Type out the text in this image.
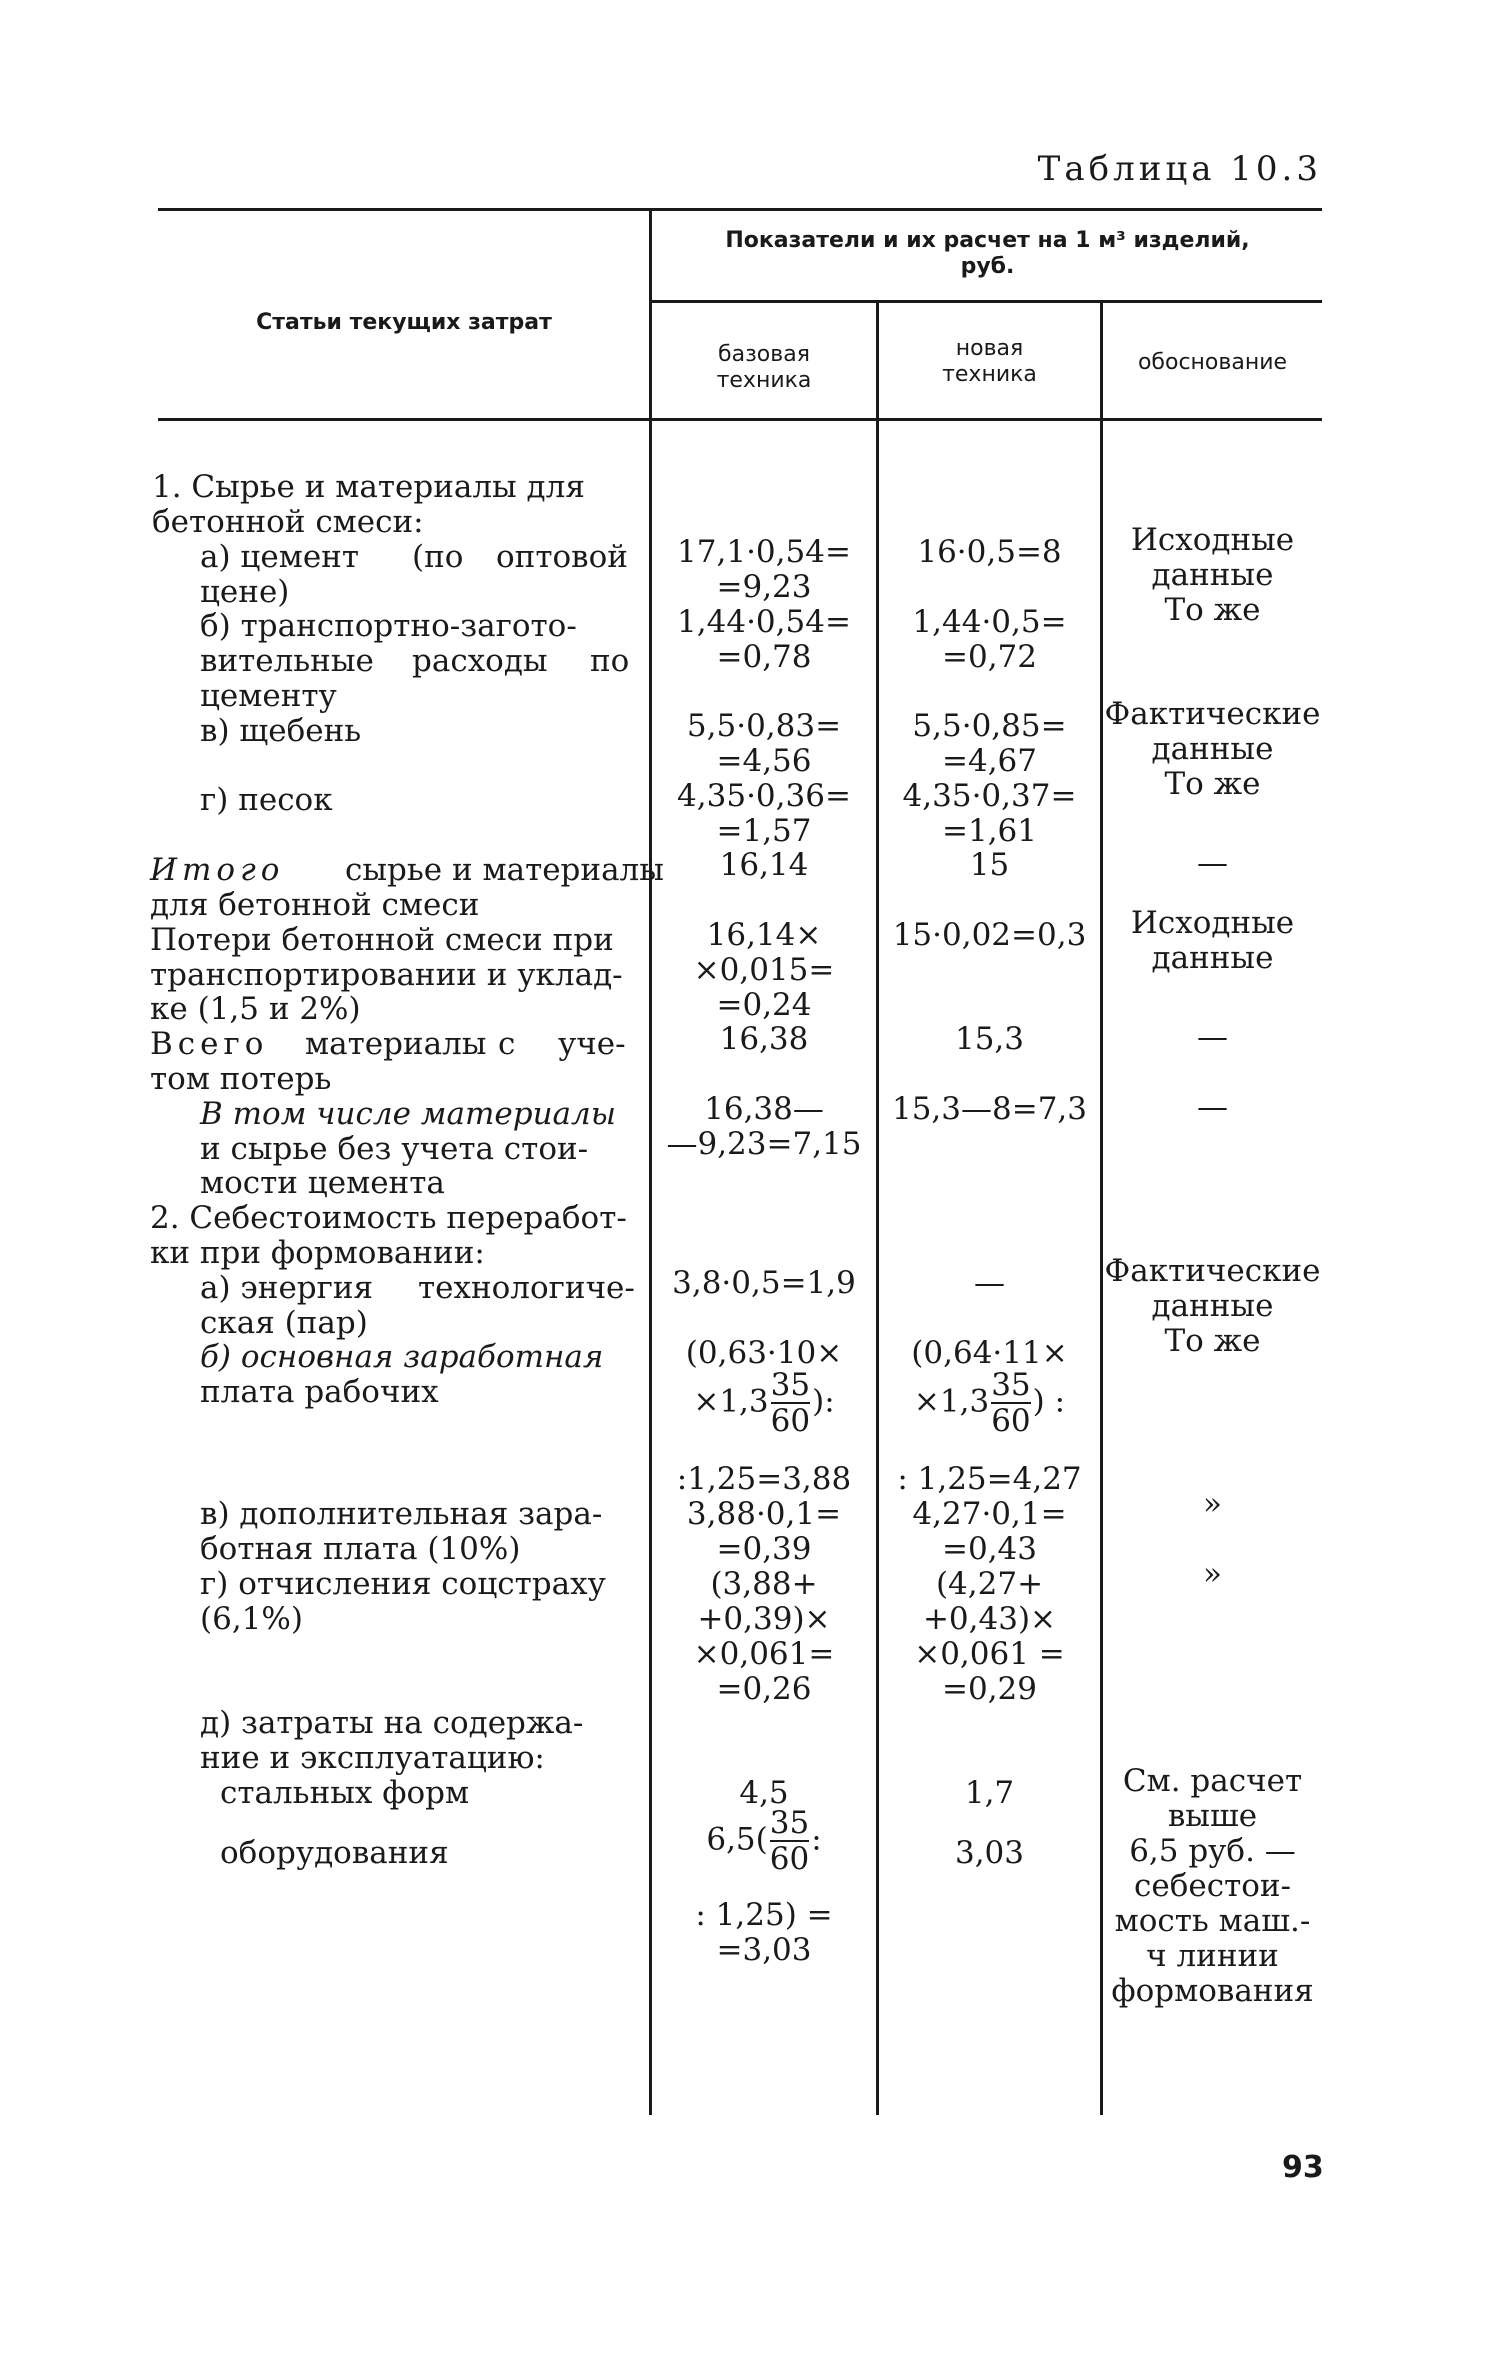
Таблица 10.3
Статьи текущих затрат
Показатели и их расчет на 1 м³ изделий,
руб.
базовая
техника
новая
техника	обоснование
1. Сырье и материалы для
бетонной смеси:
а) цемент (по оптовой
цене)
б) транспортно-загото-
вительные расходы по
цементу
в) щебень
г) песок
Итого сырье и материалы
для бетонной смеси
Потери бетонной смеси при
транспортировании и уклад-
ке (1,5 и 2%)
Всего материалы с уче-
том потерь
В том числе материалы
и сырье без учета стои-
мости цемента
2. Себестоимость переработ-
ки при формовании:
а) энергия технологиче-
ская (пар)
б) основная заработная
плата рабочих
в) дополнительная зара-
ботная плата (10%)
г) отчисления соцстраху
(6,1%)
д) затраты на содержа-
ние и эксплуатацию:
стальных форм
оборудования
17,1·0,54=
=9,23
1,44·0,54=
=0,78
5,5·0,83=
=4,56
4,35·0,36=
=1,57
16,14
16,14×
×0,015=
=0,24
16,38
16,38—
—9,23=7,15
3,8·0,5=1,9
(0,63·10×
$\times 1,3 \frac{35}{60}$ ):
:1,25=3,88
3,88·0,1=
=0,39
(3,88+
+0,39)×
×0,061=
=0,26
4,5
$6,5( \frac{35}{60}$ :
: 1,25) =
=3,03
16·0,5=8
1,44·0,5=
=0,72
5,5·0,85=
=4,67
4,35·0,37=
=1,61
15
15·0,02=0,3
15,3
15,3—8=7,3
—
(0,64·11×
$\times 1,3 \frac{35}{60}$ ) :
: 1,25=4,27
4,27·0,1=
=0,43
(4,27+
+0,43)×
×0,061 =
=0,29
1,7
3,03
Исходные
данные
То же
Фактические
данные
То же
—
Исходные
данные
—
—
Фактические
данные
То же
»
»
См. расчет
выше
6,5 руб. —
себестои-
мость маш.-
ч линии
формования
93
